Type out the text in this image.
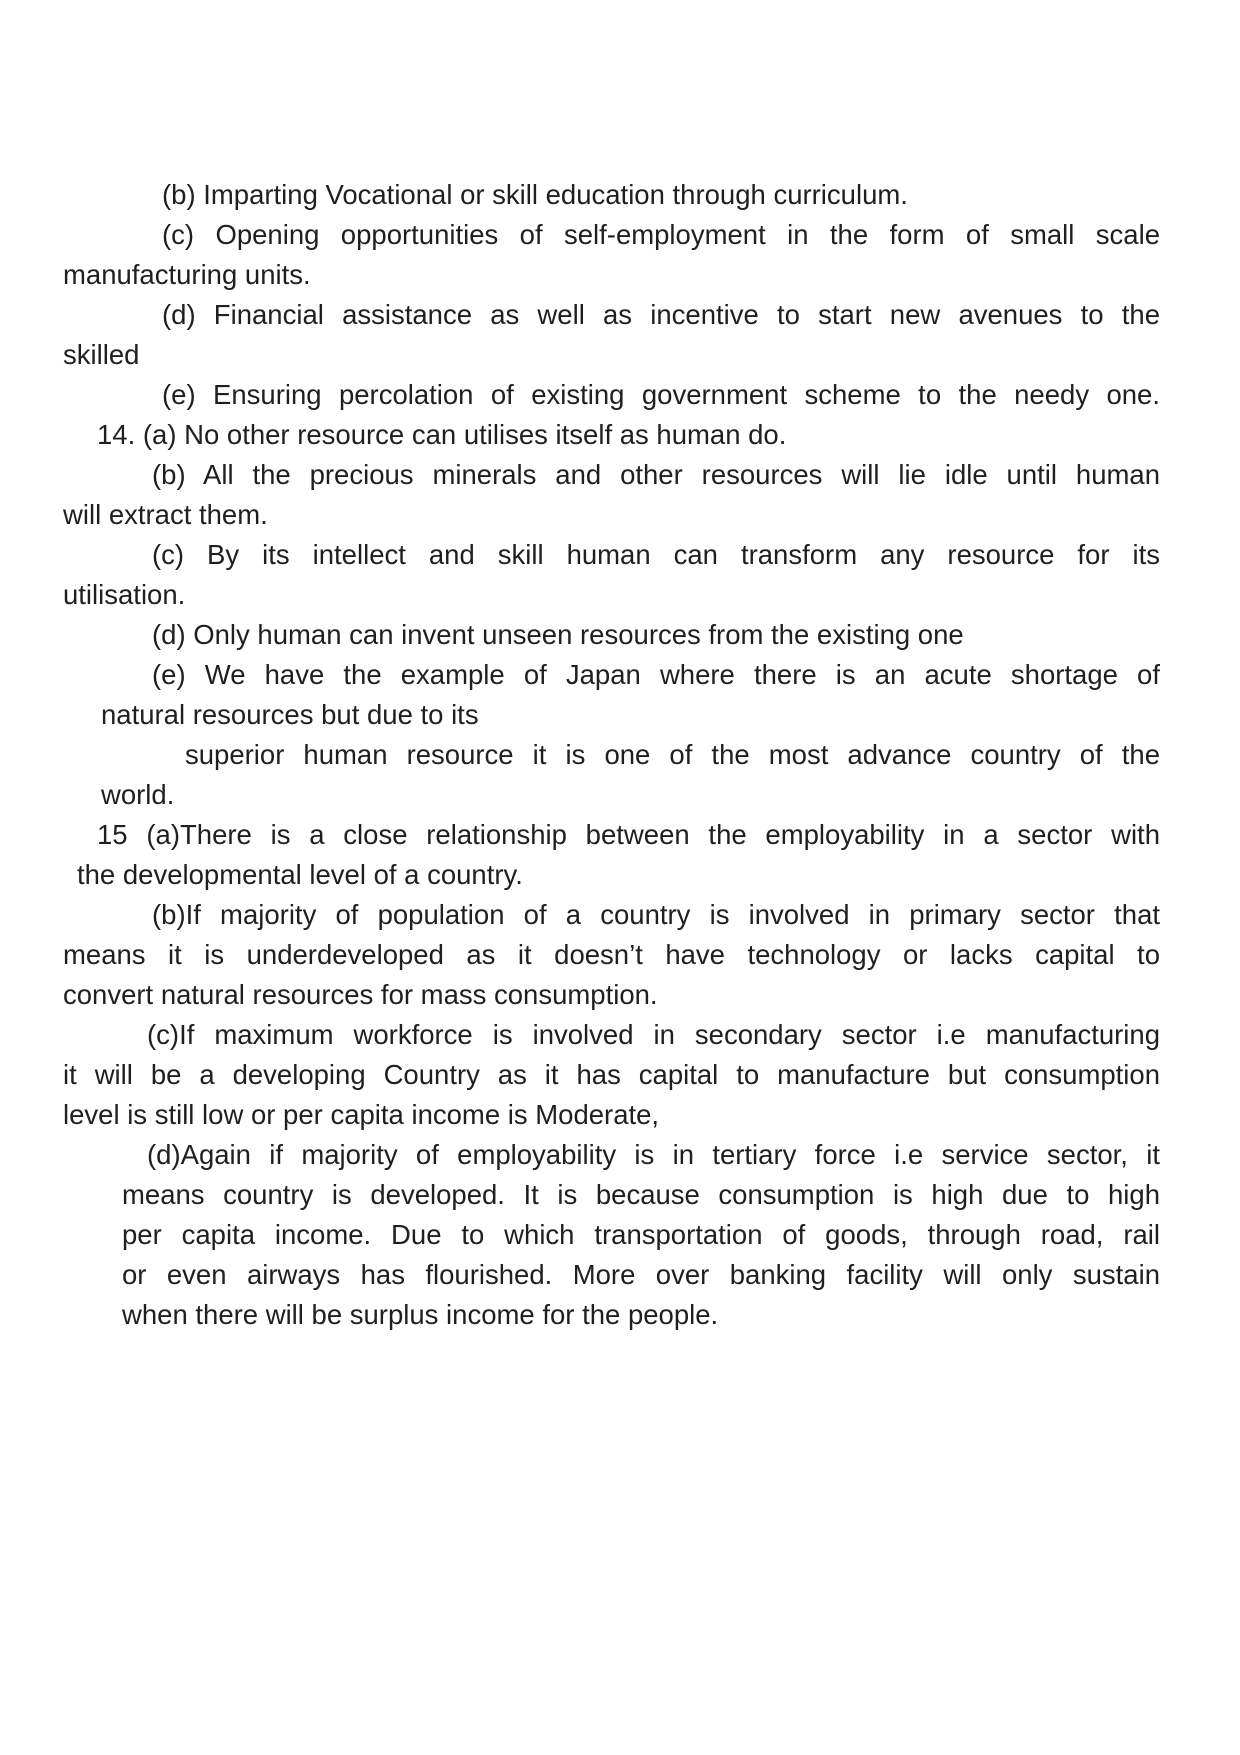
(b) Imparting Vocational or skill education through curriculum.
(c) Opening opportunities of self-employment in the form of small scale
manufacturing units.
(d) Financial assistance as well as incentive to start new avenues to the
skilled
(e) Ensuring percolation of existing government scheme to the needy one.
14. (a) No other resource can utilises itself as human do.
(b) All the precious minerals and other resources will lie idle until human
will extract them.
(c) By its intellect and skill human can transform any resource for its
utilisation.
(d) Only human can invent unseen resources from the existing one
(e) We have the example of Japan where there is an acute shortage of
natural resources but due to its
superior human resource it is one of the most advance country of the
world.
15 (a)There is a close relationship between the employability in a sector with
the developmental level of a country.
(b)If majority of population of a country is involved in primary sector that
means it is underdeveloped as it doesn’t have technology or lacks capital to
convert natural resources for mass consumption.
(c)If maximum workforce is involved in secondary sector i.e manufacturing
it will be a developing Country as it has capital to manufacture but consumption
level is still low or per capita income is Moderate,
(d)Again if majority of employability is in tertiary force i.e service sector, it
means country is developed. It is because consumption is high due to high
per capita income. Due to which transportation of goods, through road, rail
or even airways has flourished. More over banking facility will only sustain
when there will be surplus income for the people.
